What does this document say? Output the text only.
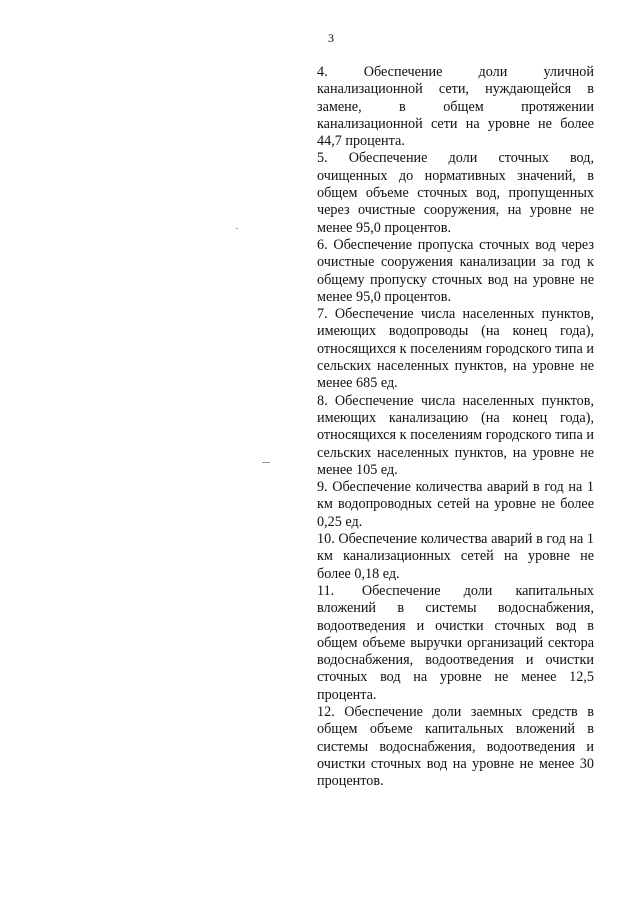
3

4.      Обеспечение      доли      уличной канализационной сети, нуждающейся в замене, в общем протяжении канализационной сети на уровне не более 44,7 процента.

5. Обеспечение доли сточных вод, очищенных до нормативных значений, в общем объеме сточных вод, пропущенных через очистные сооружения, на уровне не менее 95,0 процентов.

6. Обеспечение пропуска сточных вод через очистные сооружения канализации за год к общему пропуску сточных вод на уровне не менее 95,0 процентов.

7. Обеспечение числа населенных пунктов, имеющих водопроводы (на конец года), относящихся к поселениям городского типа и сельских населенных пунктов, на уровне не менее 685 ед.

8. Обеспечение числа населенных пунктов, имеющих канализацию (на конец года), относящихся к поселениям городского типа и сельских населенных пунктов, на уровне не менее 105 ед.

9. Обеспечение количества аварий в год на 1 км водопроводных сетей на уровне не более 0,25 ед.

10. Обеспечение количества аварий в год на 1 км канализационных сетей на уровне не более 0,18 ед.

11.      Обеспечение     доли     капитальных вложений в системы водоснабжения, водоотведения и очистки сточных вод в общем объеме выручки организаций сектора водоснабжения, водоотведения и очистки сточных вод на уровне не менее 12,5 процента.

12. Обеспечение доли заемных средств в общем объеме капитальных вложений в системы водоснабжения, водоотведения и очистки сточных вод на уровне не менее 30 процентов.
